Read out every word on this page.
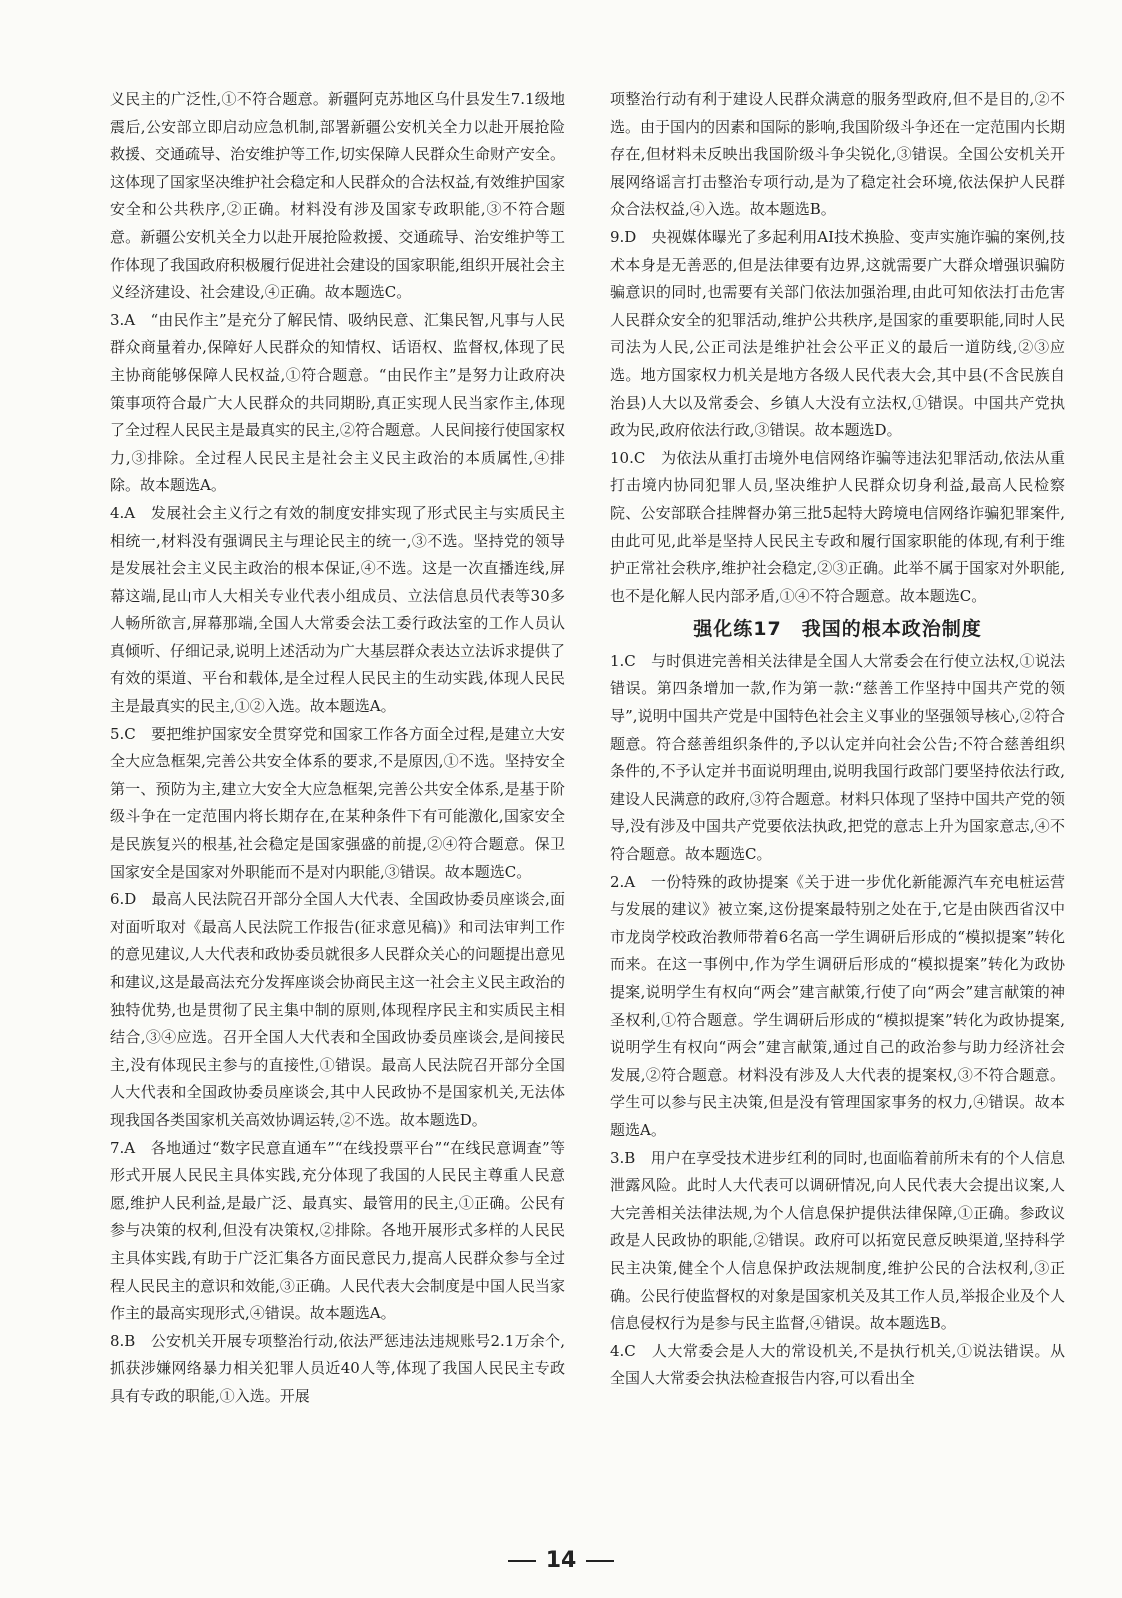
义民主的广泛性,①不符合题意。新疆阿克苏地区乌什县发生7.1级地震后,公安部立即启动应急机制,部署新疆公安机关全力以赴开展抢险救援、交通疏导、治安维护等工作,切实保障人民群众生命财产安全。这体现了国家坚决维护社会稳定和人民群众的合法权益,有效维护国家安全和公共秩序,②正确。材料没有涉及国家专政职能,③不符合题意。新疆公安机关全力以赴开展抢险救援、交通疏导、治安维护等工作体现了我国政府积极履行促进社会建设的国家职能,组织开展社会主义经济建设、社会建设,④正确。故本题选C。

3.A　 “由民作主”是充分了解民情、吸纳民意、汇集民智,凡事与人民群众商量着办,保障好人民群众的知情权、话语权、监督权,体现了民主协商能够保障人民权益,①符合题意。“由民作主”是努力让政府决策事项符合最广大人民群众的共同期盼,真正实现人民当家作主,体现了全过程人民民主是最真实的民主,②符合题意。人民间接行使国家权力,③排除。全过程人民民主是社会主义民主政治的本质属性,④排除。故本题选A。

4.A　 发展社会主义行之有效的制度安排实现了形式民主与实质民主相统一,材料没有强调民主与理论民主的统一,③不选。坚持党的领导是发展社会主义民主政治的根本保证,④不选。这是一次直播连线,屏幕这端,昆山市人大相关专业代表小组成员、立法信息员代表等30多人畅所欲言,屏幕那端,全国人大常委会法工委行政法室的工作人员认真倾听、仔细记录,说明上述活动为广大基层群众表达立法诉求提供了有效的渠道、平台和载体,是全过程人民民主的生动实践,体现人民民主是最真实的民主,①②入选。故本题选A。

5.C　 要把维护国家安全贯穿党和国家工作各方面全过程,是建立大安全大应急框架,完善公共安全体系的要求,不是原因,①不选。坚持安全第一、预防为主,建立大安全大应急框架,完善公共安全体系,是基于阶级斗争在一定范围内将长期存在,在某种条件下有可能激化,国家安全是民族复兴的根基,社会稳定是国家强盛的前提,②④符合题意。保卫国家安全是国家对外职能而不是对内职能,③错误。故本题选C。

6.D　 最高人民法院召开部分全国人大代表、全国政协委员座谈会,面对面听取对《最高人民法院工作报告(征求意见稿)》和司法审判工作的意见建议,人大代表和政协委员就很多人民群众关心的问题提出意见和建议,这是最高法充分发挥座谈会协商民主这一社会主义民主政治的独特优势,也是贯彻了民主集中制的原则,体现程序民主和实质民主相结合,③④应选。召开全国人大代表和全国政协委员座谈会,是间接民主,没有体现民主参与的直接性,①错误。最高人民法院召开部分全国人大代表和全国政协委员座谈会,其中人民政协不是国家机关,无法体现我国各类国家机关高效协调运转,②不选。故本题选D。

7.A　 各地通过“数字民意直通车”“在线投票平台”“在线民意调查”等形式开展人民民主具体实践,充分体现了我国的人民民主尊重人民意愿,维护人民利益,是最广泛、最真实、最管用的民主,①正确。公民有参与决策的权利,但没有决策权,②排除。各地开展形式多样的人民民主具体实践,有助于广泛汇集各方面民意民力,提高人民群众参与全过程人民民主的意识和效能,③正确。人民代表大会制度是中国人民当家作主的最高实现形式,④错误。故本题选A。

8.B　 公安机关开展专项整治行动,依法严惩违法违规账号2.1万余个,抓获涉嫌网络暴力相关犯罪人员近40人等,体现了我国人民民主专政具有专政的职能,①入选。开展

项整治行动有利于建设人民群众满意的服务型政府,但不是目的,②不选。由于国内的因素和国际的影响,我国阶级斗争还在一定范围内长期存在,但材料未反映出我国阶级斗争尖锐化,③错误。全国公安机关开展网络谣言打击整治专项行动,是为了稳定社会环境,依法保护人民群众合法权益,④入选。故本题选B。

9.D　 央视媒体曝光了多起利用AI技术换脸、变声实施诈骗的案例,技术本身是无善恶的,但是法律要有边界,这就需要广大群众增强识骗防骗意识的同时,也需要有关部门依法加强治理,由此可知依法打击危害人民群众安全的犯罪活动,维护公共秩序,是国家的重要职能,同时人民司法为人民,公正司法是维护社会公平正义的最后一道防线,②③应选。地方国家权力机关是地方各级人民代表大会,其中县(不含民族自治县)人大以及常委会、乡镇人大没有立法权,①错误。中国共产党执政为民,政府依法行政,③错误。故本题选D。

10.C　 为依法从重打击境外电信网络诈骗等违法犯罪活动,依法从重打击境内协同犯罪人员,坚决维护人民群众切身利益,最高人民检察院、公安部联合挂牌督办第三批5起特大跨境电信网络诈骗犯罪案件,由此可见,此举是坚持人民民主专政和履行国家职能的体现,有利于维护正常社会秩序,维护社会稳定,②③正确。此举不属于国家对外职能,也不是化解人民内部矛盾,①④不符合题意。故本题选C。

强化练17　我国的根本政治制度

1.C　 与时俱进完善相关法律是全国人大常委会在行使立法权,①说法错误。第四条增加一款,作为第一款:“慈善工作坚持中国共产党的领导”,说明中国共产党是中国特色社会主义事业的坚强领导核心,②符合题意。符合慈善组织条件的,予以认定并向社会公告;不符合慈善组织条件的,不予认定并书面说明理由,说明我国行政部门要坚持依法行政,建设人民满意的政府,③符合题意。材料只体现了坚持中国共产党的领导,没有涉及中国共产党要依法执政,把党的意志上升为国家意志,④不符合题意。故本题选C。

2.A　 一份特殊的政协提案《关于进一步优化新能源汽车充电桩运营与发展的建议》被立案,这份提案最特别之处在于,它是由陕西省汉中市龙岗学校政治教师带着6名高一学生调研后形成的“模拟提案”转化而来。在这一事例中,作为学生调研后形成的“模拟提案”转化为政协提案,说明学生有权向“两会”建言献策,行使了向“两会”建言献策的神圣权利,①符合题意。学生调研后形成的“模拟提案”转化为政协提案,说明学生有权向“两会”建言献策,通过自己的政治参与助力经济社会发展,②符合题意。材料没有涉及人大代表的提案权,③不符合题意。学生可以参与民主决策,但是没有管理国家事务的权力,④错误。故本题选A。

3.B　 用户在享受技术进步红利的同时,也面临着前所未有的个人信息泄露风险。此时人大代表可以调研情况,向人民代表大会提出议案,人大完善相关法律法规,为个人信息保护提供法律保障,①正确。参政议政是人民政协的职能,②错误。政府可以拓宽民意反映渠道,坚持科学民主决策,健全个人信息保护政法规制度,维护公民的合法权利,③正确。公民行使监督权的对象是国家机关及其工作人员,举报企业及个人信息侵权行为是参与民主监督,④错误。故本题选B。

4.C　 人大常委会是人大的常设机关,不是执行机关,①说法错误。从全国人大常委会执法检查报告内容,可以看出全

14
